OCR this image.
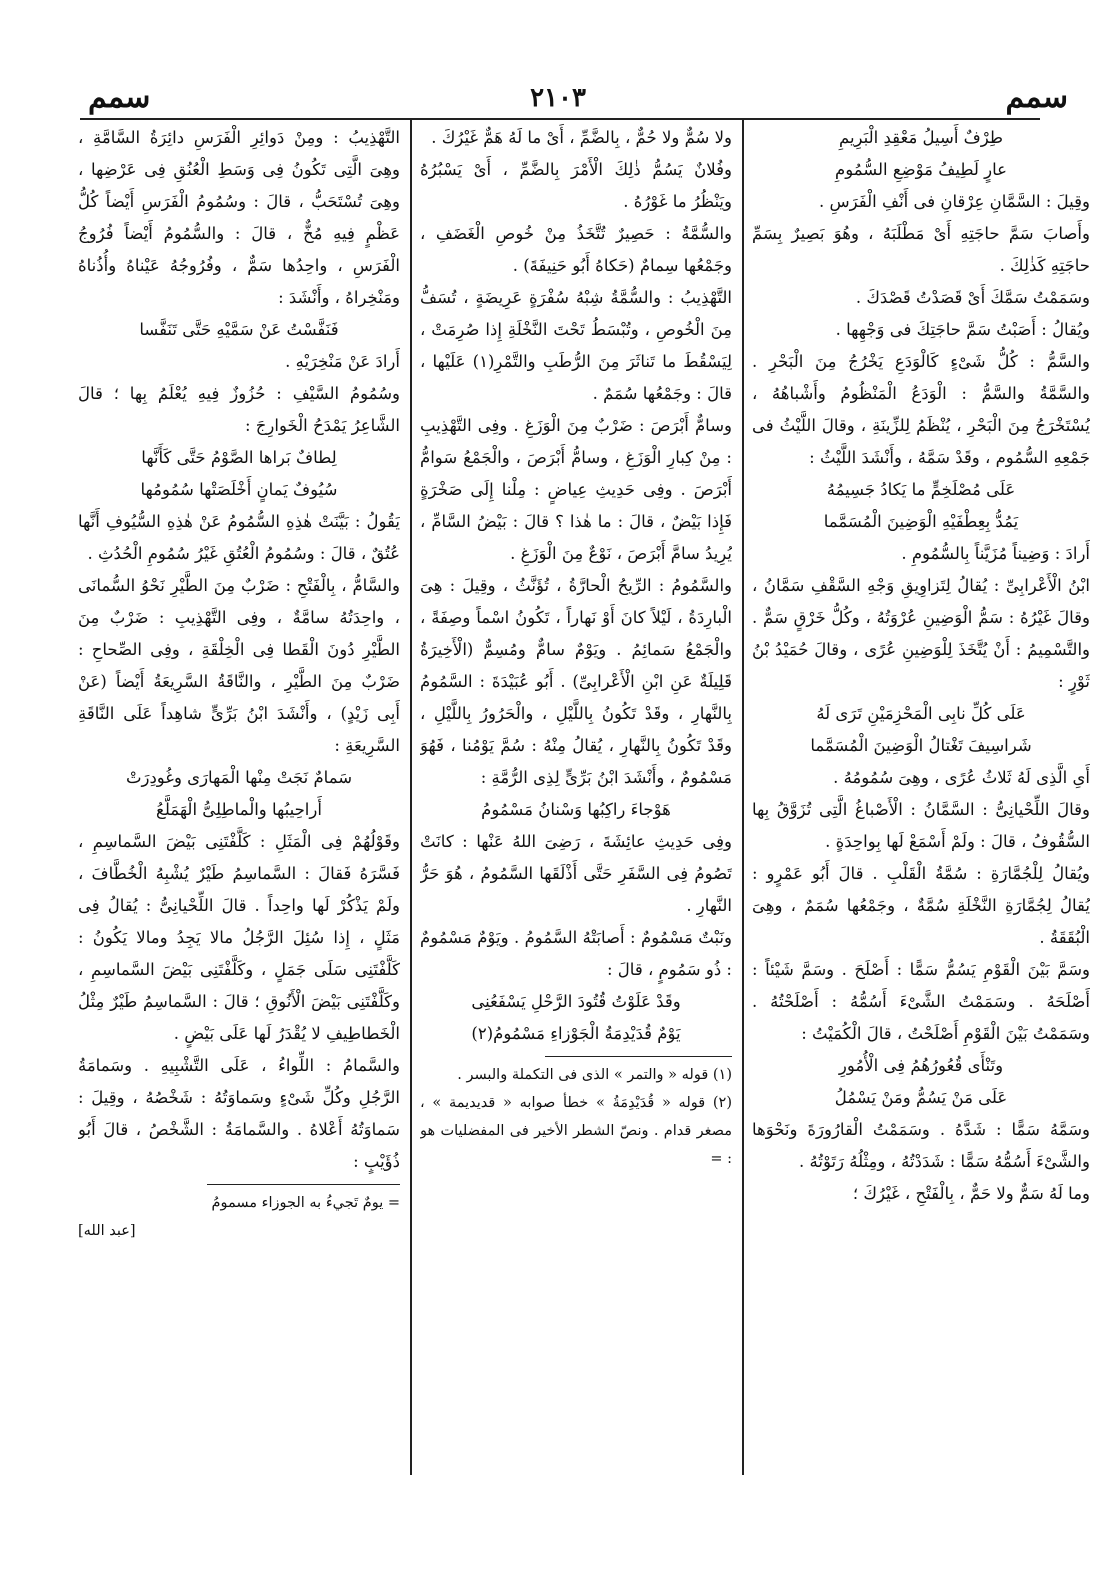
سمم
٢١٠٣
سمم

طِرْفٌ أَسِيلُ مَعْقِدِ الْبَرِيمِ

عارٍ لَطِيفُ مَوْضِعِ السُّمُومِ

وقِيلَ : السَّمَّانِ عِرْقانِ فى أَنْفِ الْفَرَسِ .

وأَصابَ سَمَّ حاجَتِهِ أَىْ مَطْلَبَهُ ، وهُوَ بَصِيرٌ بِسَمِّ حاجَتِهِ كَذٰلِكَ .

وسَمَمْتُ سَمَّكَ أَىْ قَصَدْتُ قَصْدَكَ .

ويُقالُ : أَصَبْتُ سَمَّ حاجَتِكَ فى وَجْهِها .

والسَّمُّ : كُلُّ شَىْءٍ كَالْوَدَعِ يَخْرُجُ مِنَ الْبَحْرِ . والسَّمَّةُ والسَّمُّ : الْوَدَعُ الْمَنْظُومُ وأَشْباهُهُ ، يُسْتَخْرَجُ مِنَ الْبَحْرِ ، يُنْظَمُ لِلزِّينَةِ ، وقالَ اللَّيْثُ فى جَمْعِهِ السُّمُوم ، وقَدْ سَمَّهُ ، وأَنْشَدَ اللَّيْثُ :

عَلَى مُصْلَخِمٍّ ما يَكادُ جَسِيمُهُ

يَمُدُّ بِعِطْفَيْهِ الْوَضِينَ الْمُسَمَّما

أَرادَ : وَضِيناً مُزَيَّناً بِالسُّمُومِ .

ابْنُ الْأَعْرابِىِّ : يُقالُ لِتَزاوِيقِ وَجْهِ السَّقْفِ سَمَّانُ ، وقالَ غَيْرُهُ : سَمُّ الْوَضِينِ عُرْوَتُهُ ، وكُلُّ خَرْقٍ سَمٌّ . والتَّسْمِيمُ : أَنْ يُتَّخَذَ لِلْوَضِينِ عُرًى ، وقالَ حُمَيْدُ بْنُ ثَوْرٍ :

عَلَى كُلِّ نابِى الْمَحْزِمَيْنِ تَرَى لَهُ

شَراسِيفَ تَغْتالُ الْوَضِينَ الْمُسَمَّما

أَىِ الَّذِى لَهُ ثَلاثُ عُرًى ، وهِىَ سُمُومُهُ .

وقالَ اللِّحْيانِىُّ : السَّمَّانُ : الْأَصْباغُ الَّتِى تُزَوَّقُ بِها السُّقُوفُ ، قالَ : ولَمْ أَسْمَعْ لَها بِواحِدَةٍ .

ويُقالُ لِلْجُمَّارَةِ : سُمَّةُ الْقَلْبِ . قالَ أَبُو عَمْرٍو : يُقالُ لِجُمَّارَةِ النَّخْلَةِ سُمَّةٌ ، وجَمْعُها سُمَمٌ ، وهِىَ الْبُقَقَةُ .

وسَمَّ بَيْنَ الْقَوْمِ يَسُمُّ سَمًّا : أَصْلَحَ . وسَمَّ شَيْئاً : أَصْلَحَهُ . وسَمَمْتُ الشَّىْءَ أَسُمُّهُ : أَصْلَحْتُهُ . وسَمَمْتُ بَيْنَ الْقَوْمِ أَصْلَحْتُ ، قالَ الْكُمَيْتُ :

وتَنْأَى قُعُورُهُمُ فِى الْأُمُورِ

عَلَى مَنْ يَسُمُّ ومَنْ يَسْمُلُ

وسَمَّهُ سَمًّا : شَدَّهُ . وسَمَمْتُ الْقارُورَةَ ونَحْوَها والشَّىْءَ أَسُمُّهُ سَمًّا : شَدَدْتُهُ ، ومِثْلُهُ رَتَوْتُهُ .

وما لَهُ سَمٌّ ولا حَمٌّ ، بِالْفَتْحِ ، غَيْرُكَ ؛

ولا سُمٌّ ولا حُمٌّ ، بِالضَّمِّ ، أَىْ ما لَهُ هَمٌّ غَيْرُكَ .

وفُلانٌ يَسُمُّ ذٰلِكَ الْأَمْرَ بِالضَّمِّ ، أَىْ يَسْبُرُهُ ويَنْظُرُ ما غَوْرُهُ .

والسُّمَّةُ : حَصِيرٌ تُتَّخَذُ مِنْ خُوصِ الْغَضَفِ ، وجَمْعُها سِمامٌ (حَكاهُ أَبُو حَنِيفَةَ) .

التَّهْذِيبُ : والسُّمَّةُ شِبْهُ سُفْرَةٍ عَرِيضَةٍ ، تُسَفُّ مِنَ الْخُوصِ ، وتُبْسَطُ تَحْتَ النَّخْلَةِ إِذا صُرِمَتْ ، لِيَسْقُطَ ما تَناثَرَ مِنَ الرُّطَبِ والتَّمْرِ(١) عَلَيْها ، قالَ : وجَمْعُها سُمَمٌ .

وسامٌّ أَبْرَصَ : ضَرْبٌ مِنَ الْوَزَغِ . وفِى التَّهْذِيبِ : مِنْ كِبارِ الْوَزَغِ ، وسامُّ أَبْرَصَ ، والْجَمْعُ سَوامُّ أَبْرَصَ . وفِى حَدِيثِ عِياضٍ : مِلْنا إِلَى صَخْرَةٍ فَإِذا بَيْضٌ ، قالَ : ما هٰذا ؟ قالَ : بَيْضُ السَّامِّ ، يُرِيدُ سامَّ أَبْرَصَ ، نَوْعٌ مِنَ الْوَزَغِ .

والسَّمُومُ : الرِّيحُ الْحارَّةُ ، تُؤَنَّثُ ، وقِيلَ : هِىَ الْبارِدَةُ ، لَيْلاً كانَ أَوْ نَهاراً ، تَكُونُ اسْماً وصِفَةً ، والْجَمْعُ سَمائِمُ . ويَوْمٌ سامٌّ ومُسِمٌّ (الْأَخِيرَةُ قَلِيلَةٌ عَنِ ابْنِ الْأَعْرابِىِّ) . أَبُو عُبَيْدَةَ : السَّمُومُ بِالنَّهارِ ، وقَدْ تَكُونُ بِاللَّيْلِ ، والْحَرُورُ بِاللَّيْلِ ، وقَدْ تَكُونُ بِالنَّهارِ ، يُقالُ مِنْهُ : سُمَّ يَوْمُنا ، فَهُوَ مَسْمُومٌ ، وأَنْشَدَ ابْنُ بَرِّىٍّ لِذِى الرُّمَّةِ :

هَوْجاءَ راكِبُها وَسْنانُ مَسْمُومُ

وفِى حَدِيثِ عائِشَةَ ، رَضِىَ اللهُ عَنْها : كانَتْ تَصُومُ فِى السَّفَرِ حَتَّى أَذْلَقَها السَّمُومُ ، هُوَ حَرُّ النَّهارِ .

ونَبْتٌ مَسْمُومٌ : أَصابَتْهُ السَّمُومُ . ويَوْمٌ مَسْمُومٌ : ذُو سَمُومٍ ، قالَ :

وقَدْ عَلَوْتُ قُتُودَ الرَّحْلِ يَسْفَعُنِى

يَوْمٌ قُدَيْدِمَةُ الْجَوْزاءِ مَسْمُومُ(٢)

(١) قوله « والتمر » الذى فى التكملة والبسر .

(٢) قوله « قُدَيْدِمَةُ » خطأ صوابه « قديديمة » ، مصغر قدام . ونصّ الشطر الأخير فى المفضليات هو : =

التَّهْذِيبُ : ومِنْ دَوائِرِ الْفَرَسِ دائِرَةُ السَّامَّةِ ، وهِىَ الَّتِى تَكُونُ فِى وَسَطِ الْعُنُقِ فِى عَرْضِها ، وهِىَ تُسْتَحَبُّ ، قالَ : وسُمُومُ الْفَرَسِ أَيْضاً كُلُّ عَظْمٍ فِيهِ مُخٌّ ، قالَ : والسُّمُومُ أَيْضاً فُرُوجُ الْفَرَسِ ، واحِدُها سَمٌّ ، وفُرُوجُهُ عَيْناهُ وأُذُناهُ ومَنْخِراهُ ، وأَنْشَدَ :

فَنَفَّسْتُ عَنْ سَمَّيْهِ حَتَّى تَنَفَّسا

أَرادَ عَنْ مَنْخِرَيْهِ .

وسُمُومُ السَّيْفِ : حُزُوزٌ فِيهِ يُعْلَمُ بِها ؛ قالَ الشَّاعِرُ يَمْدَحُ الْخَوارِجَ :

لِطافٌ بَراها الصَّوْمُ حَتَّى كَأَنَّها

سُيُوفٌ يَمانٍ أَخْلَصَتْها سُمُومُها

يَقُولُ : بَيَّنَتْ هٰذِهِ السُّمُومُ عَنْ هٰذِهِ السُّيُوفِ أَنَّها عُتُقٌ ، قالَ : وسُمُومُ الْعُتُقِ غَيْرُ سُمُومِ الْحُدُثِ .

والسَّامُّ ، بِالْفَتْحِ : ضَرْبٌ مِنَ الطَّيْرِ نَحْوُ السُّمانَى ، واحِدَتُهُ سامَّةٌ ، وفِى التَّهْذِيبِ : ضَرْبٌ مِنَ الطَّيْرِ دُونَ الْقَطا فِى الْخِلْقَةِ ، وفِى الصِّحاحِ : ضَرْبٌ مِنَ الطَّيْرِ ، والنَّاقَةُ السَّرِيعَةُ أَيْضاً (عَنْ أَبِى زَيْدٍ) ، وأَنْشَدَ ابْنُ بَرِّىٍّ شاهِداً عَلَى النَّاقَةِ السَّرِيعَةِ :

سَمامٌ نَجَتْ مِنْها الْمَهارَى وغُودِرَتْ

أَراحِيبُها والْماطِلِىُّ الْهَمَلَّعُ

وقَوْلُهُمْ فِى الْمَثَلِ : كَلَّفْتَنِى بَيْضَ السَّماسِمِ ، فَسَّرَهُ فَقالَ : السَّماسِمُ طَيْرٌ يُشْبِهُ الْخُطَّافَ ، ولَمْ يَذْكُرْ لَها واحِداً . قالَ اللِّحْيانِىُّ : يُقالُ فِى مَثَلٍ ، إِذا سُئِلَ الرَّجُلُ مالا يَجِدُ ومالا يَكُونُ : كَلَّفْتَنِى سَلَى جَمَلٍ ، وكَلَّفْتَنِى بَيْضَ السَّماسِمِ ، وكَلَّفْتَنِى بَيْضَ الْأَنُوقِ ؛ قالَ : السَّماسِمُ طَيْرٌ مِثْلُ الْخَطاطِيفِ لا يُقْدَرُ لَها عَلَى بَيْضٍ .

والسَّمامُ : اللِّواءُ ، عَلَى التَّشْبِيهِ . وسَمامَةُ الرَّجُلِ وكُلِّ شَىْءٍ وسَماوَتُهُ : شَخْصُهُ ، وقِيلَ : سَماوَتُهُ أَعْلاهُ . والسَّمامَةُ : الشَّخْصُ ، قالَ أَبُو ذُؤَيْبٍ :

= يومٌ تَجيءُ به الجوزاء مسمومُ

[عبد الله]
